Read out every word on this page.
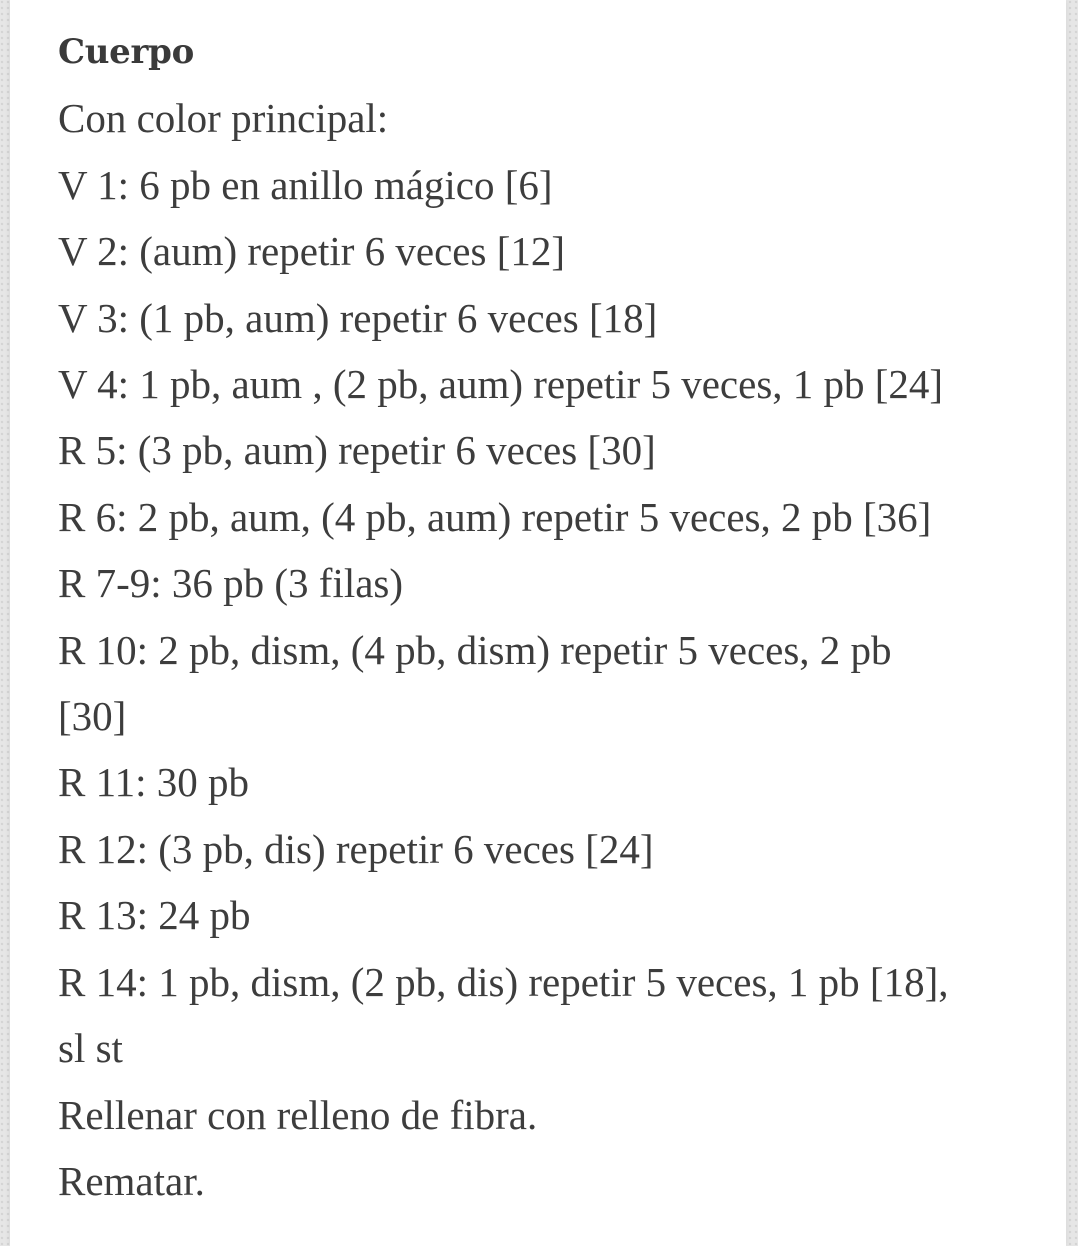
Cuerpo

Con color principal:

V 1: 6 pb en anillo mágico [6]

V 2: (aum) repetir 6 veces [12]

V 3: (1 pb, aum) repetir 6 veces [18]

V 4: 1 pb, aum , (2 pb, aum) repetir 5 veces, 1 pb [24]

R 5: (3 pb, aum) repetir 6 veces [30]

R 6: 2 pb, aum, (4 pb, aum) repetir 5 veces, 2 pb [36]

R 7-9: 36 pb (3 filas)

R 10: 2 pb, dism, (4 pb, dism) repetir 5 veces, 2 pb

[30]

R 11: 30 pb

R 12: (3 pb, dis) repetir 6 veces [24]

R 13: 24 pb

R 14: 1 pb, dism, (2 pb, dis) repetir 5 veces, 1 pb [18],

sl st

Rellenar con relleno de fibra.

Rematar.
